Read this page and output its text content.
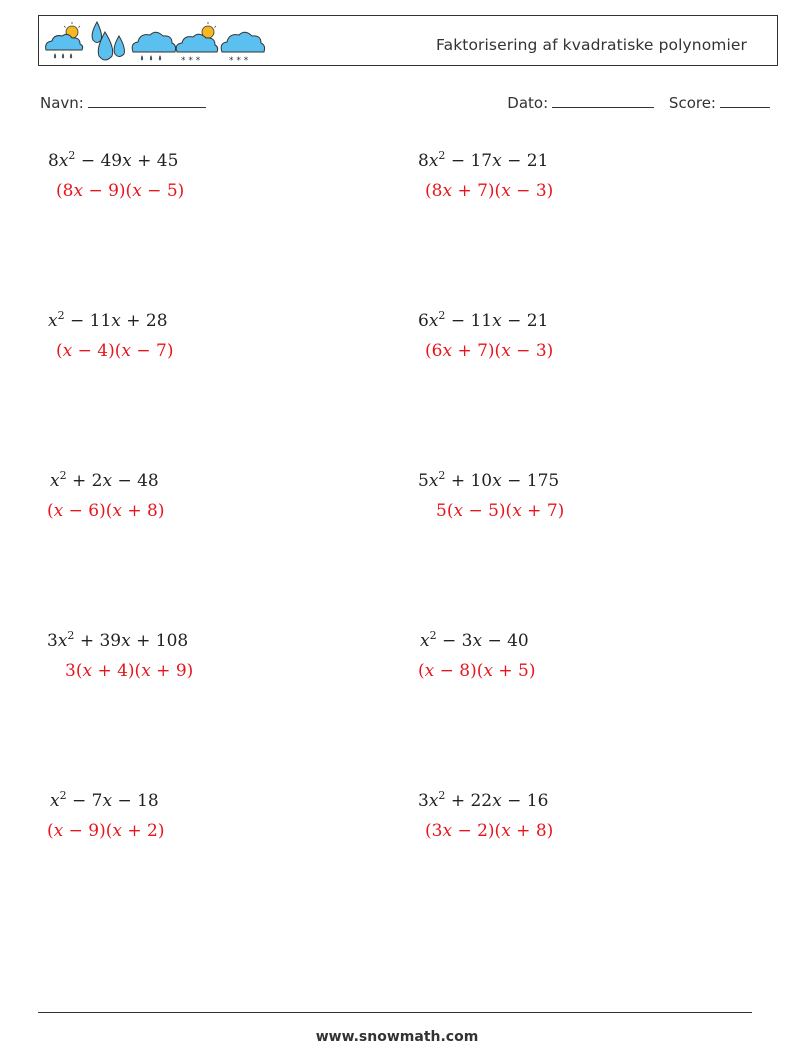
* * *	* * *
Faktorisering af kvadratiske polynomier
Navn:	Dato:	Score:
$8x^2 - 49x + 45$
(8x − 9)(x − 5)
$x^2 - 11x + 28$
(x − 4)(x − 7)
$x^2 + 2x - 48$
(x − 6)(x + 8)
$3x^2 + 39x + 108$
3(x + 4)(x + 9)
$x^2 - 7x - 18$
(x − 9)(x + 2)
$8x^2 - 17x - 21$
(8x + 7)(x − 3)
$6x^2 - 11x - 21$
(6x + 7)(x − 3)
$5x^2 + 10x - 175$
5(x − 5)(x + 7)
$x^2 - 3x - 40$
(x − 8)(x + 5)
$3x^2 + 22x - 16$
(3x − 2)(x + 8)
www.snowmath.com
